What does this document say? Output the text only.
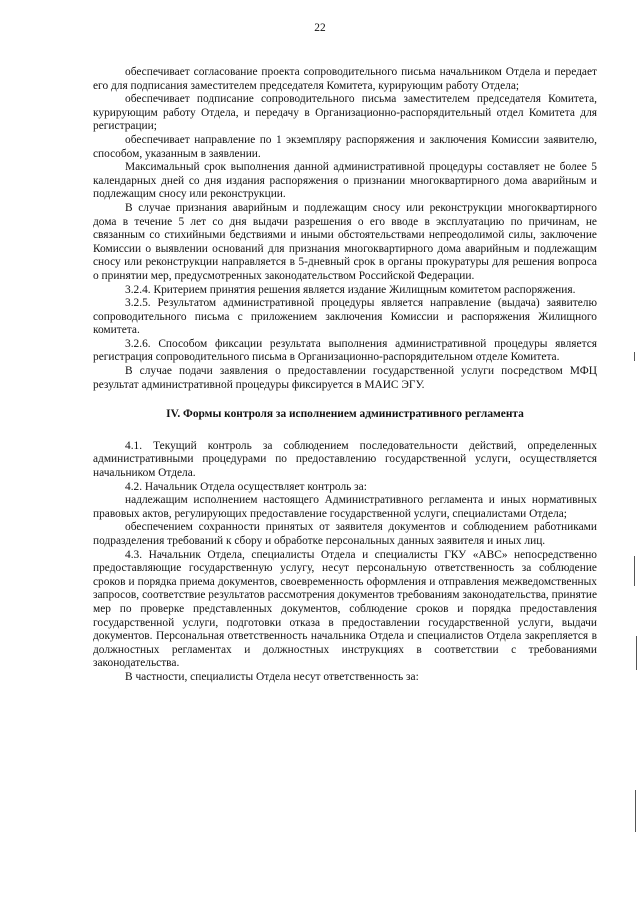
22

обеспечивает согласование проекта сопроводительного письма начальником Отдела и передает его для подписания заместителем председателя Комитета, курирующим работу Отдела;

обеспечивает подписание сопроводительного письма заместителем председателя Комитета, курирующим работу Отдела, и передачу в Организационно-распорядительный отдел Комитета для регистрации;

обеспечивает направление по 1 экземпляру распоряжения и заключения Комиссии заявителю, способом, указанным в заявлении.

Максимальный срок выполнения данной административной процедуры составляет не более 5 календарных дней со дня издания распоряжения о признании многоквартирного дома аварийным и подлежащим сносу или реконструкции.

В случае признания аварийным и подлежащим сносу или реконструкции многоквартирного дома в течение 5 лет со дня выдачи разрешения о его вводе в эксплуатацию по причинам, не связанным со стихийными бедствиями и иными обстоятельствами непреодолимой силы, заключение Комиссии о выявлении оснований для признания многоквартирного дома аварийным и подлежащим сносу или реконструкции направляется в 5-дневный срок в органы прокуратуры для решения вопроса о принятии мер, предусмотренных законодательством Российской Федерации.

3.2.4. Критерием принятия решения является издание Жилищным комитетом распоряжения.

3.2.5. Результатом административной процедуры является направление (выдача) заявителю сопроводительного письма с приложением заключения Комиссии и распоряжения Жилищного комитета.

3.2.6. Способом фиксации результата выполнения административной процедуры является регистрация сопроводительного письма в Организационно-распорядительном отделе Комитета.

В случае подачи заявления о предоставлении государственной услуги посредством МФЦ результат административной процедуры фиксируется в МАИС ЭГУ.

IV. Формы контроля за исполнением административного регламента

4.1. Текущий контроль за соблюдением последовательности действий, определенных административными процедурами по предоставлению государственной услуги, осуществляется начальником Отдела.

4.2. Начальник Отдела осуществляет контроль за:

надлежащим исполнением настоящего Административного регламента и иных нормативных правовых актов, регулирующих предоставление государственной услуги, специалистами Отдела;

обеспечением сохранности принятых от заявителя документов и соблюдением работниками подразделения требований к сбору и обработке персональных данных заявителя и иных лиц.

4.3. Начальник Отдела, специалисты Отдела и специалисты ГКУ «АВС» непосредственно предоставляющие государственную услугу, несут персональную ответственность за соблюдение сроков и порядка приема документов, своевременность оформления и отправления межведомственных запросов, соответствие результатов рассмотрения документов требованиям законодательства, принятие мер по проверке представленных документов, соблюдение сроков и порядка предоставления государственной услуги, подготовки отказа в предоставлении государственной услуги, выдачи документов. Персональная ответственность начальника Отдела и специалистов Отдела закрепляется в должностных регламентах и должностных инструкциях в соответствии с требованиями законодательства.

В частности, специалисты Отдела несут ответственность за:
